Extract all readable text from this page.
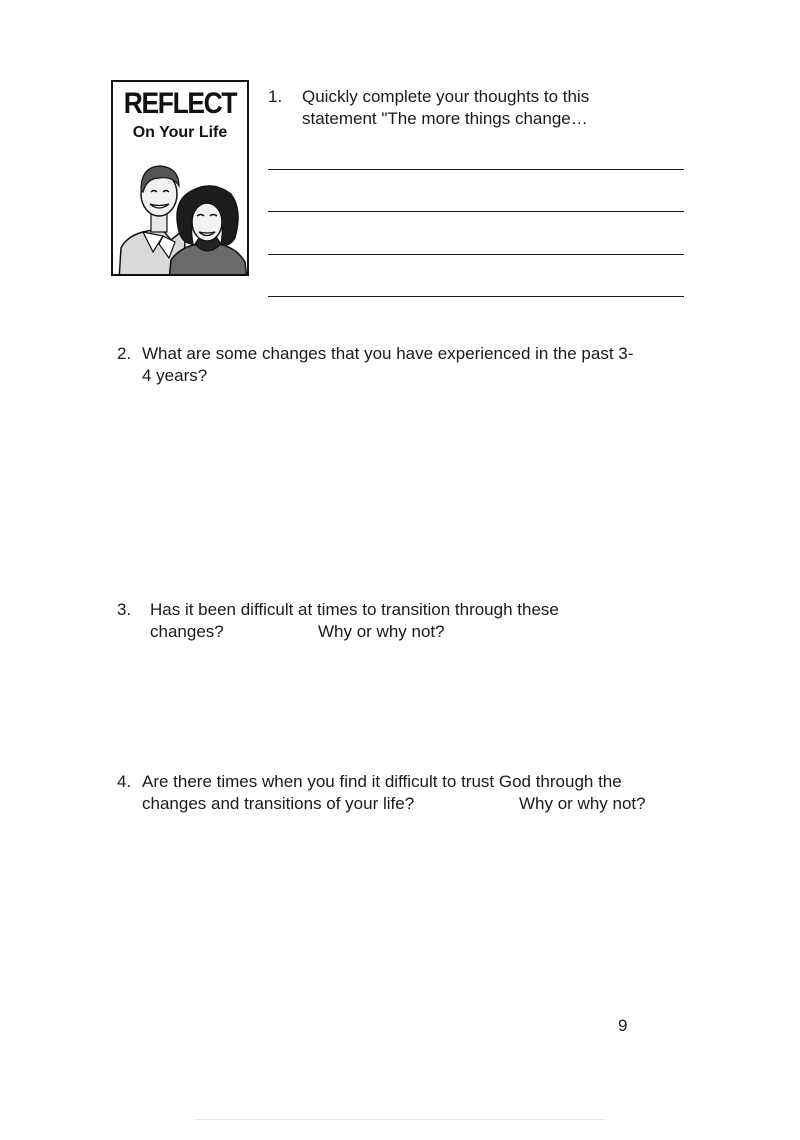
REFLECT
On Your Life
1. Quickly complete your thoughts to this
statement "The more things change…
2. What are some changes that you have experienced in the past 3-
4 years?
3. Has it been difficult at times to transition through these
changes?	Why or why not?
4. Are there times when you find it difficult to trust God through the
changes and transitions of your life?	Why or why not?
9
